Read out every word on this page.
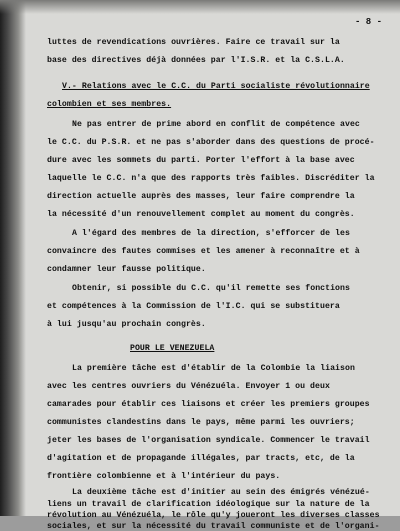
- 8 -
luttes de revendications ouvrières. Faire ce travail sur la
base des directives déjà données par l'I.S.R. et la C.S.L.A.
V.- Relations avec le C.C. du Parti socialiste révolutionnaire
colombien et ses membres.
Ne pas entrer de prime abord en conflit de compétence avec
le C.C. du P.S.R. et ne pas s'aborder dans des questions de procé-
dure avec les sommets du parti. Porter l'effort à la base avec
laquelle le C.C. n'a que des rapports très faibles. Discréditer la
direction actuelle auprès des masses, leur faire comprendre la
la nécessité d'un renouvellement complet au moment du congrès.
A l'égard des membres de la direction, s'efforcer de les
convaincre des fautes commises et les amener à reconnaître et à
condamner leur fausse politique.
Obtenir, si possible du C.C. qu'il remette ses fonctions
et compétences à la Commission de l'I.C. qui se substituera
à lui jusqu'au prochain congrès.
POUR LE VENEZUELA
La première tâche est d'établir de la Colombie la liaison
avec les centres ouvriers du Vénézuéla. Envoyer 1 ou deux
camarades pour établir ces liaisons et créer les premiers groupes
communistes clandestins dans le pays, même parmi les ouvriers;
jeter les bases de l'organisation syndicale. Commencer le travail
d'agitation et de propagande illégales, par tracts, etc, de la
frontière colombienne et à l'intérieur du pays.
La deuxième tâche est d'initier au sein des émigrés vénézué-
liens un travail de clarification idéologique sur la nature de la
révolution au Vénézuéla, le rôle qu'y joueront les diverses classes
sociales, et sur la nécessité du travail communiste et de l'organi-
